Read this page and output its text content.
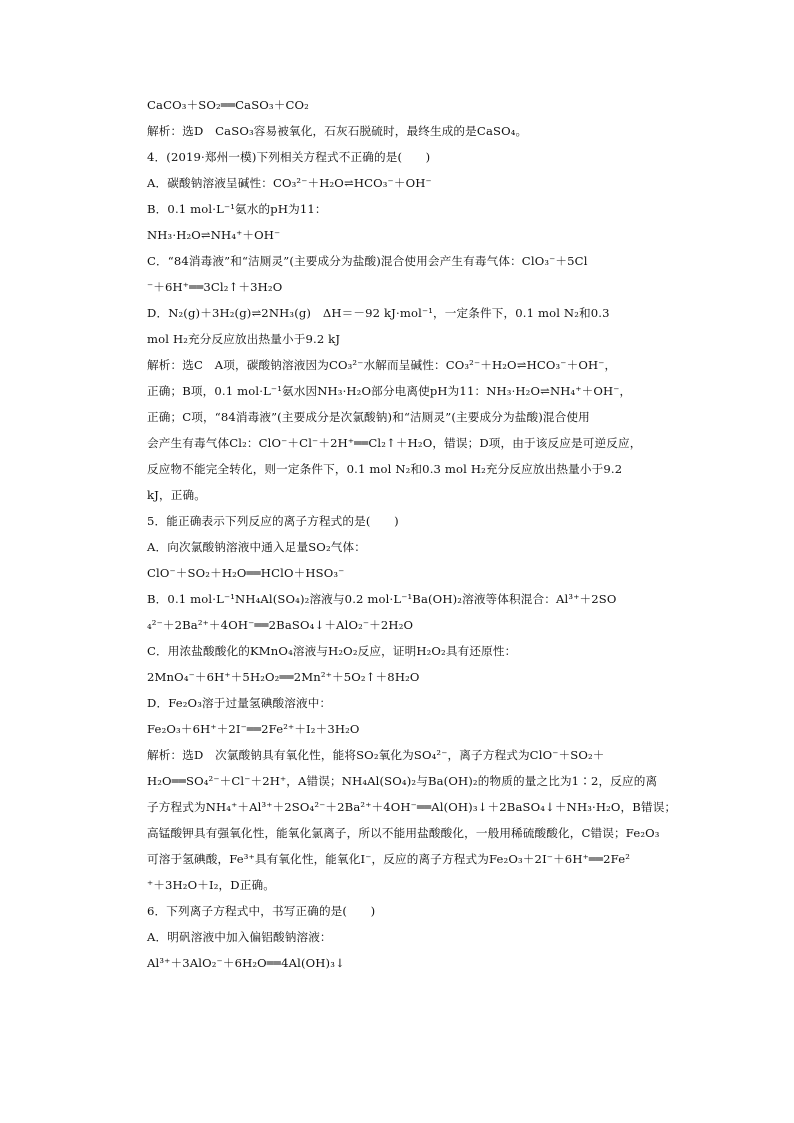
CaCO₃＋SO₂══CaSO₃＋CO₂
解析：选D　CaSO₃容易被氧化，石灰石脱硫时，最终生成的是CaSO₄。
4．(2019·郑州一模)下列相关方程式不正确的是(　　)
A．碳酸钠溶液呈碱性：CO₃²⁻＋H₂O⇌HCO₃⁻＋OH⁻
B．0.1 mol·L⁻¹氨水的pH为11：
NH₃·H₂O⇌NH₄⁺＋OH⁻
C．“84消毒液”和“洁厕灵”(主要成分为盐酸)混合使用会产生有毒气体：ClO₃⁻＋5Cl
⁻＋6H⁺══3Cl₂↑＋3H₂O
D．N₂(g)＋3H₂(g)⇌2NH₃(g)　ΔH＝－92 kJ·mol⁻¹，一定条件下，0.1 mol N₂和0.3
mol H₂充分反应放出热量小于9.2 kJ
解析：选C　A项，碳酸钠溶液因为CO₃²⁻水解而呈碱性：CO₃²⁻＋H₂O⇌HCO₃⁻＋OH⁻，
正确；B项，0.1 mol·L⁻¹氨水因NH₃·H₂O部分电离使pH为11：NH₃·H₂O⇌NH₄⁺＋OH⁻，
正确；C项，“84消毒液”(主要成分是次氯酸钠)和“洁厕灵”(主要成分为盐酸)混合使用
会产生有毒气体Cl₂：ClO⁻＋Cl⁻＋2H⁺══Cl₂↑＋H₂O，错误；D项，由于该反应是可逆反应，
反应物不能完全转化，则一定条件下，0.1 mol N₂和0.3 mol H₂充分反应放出热量小于9.2
kJ，正确。
5．能正确表示下列反应的离子方程式的是(　　)
A．向次氯酸钠溶液中通入足量SO₂气体：
ClO⁻＋SO₂＋H₂O══HClO＋HSO₃⁻
B．0.1 mol·L⁻¹NH₄Al(SO₄)₂溶液与0.2 mol·L⁻¹Ba(OH)₂溶液等体积混合：Al³⁺＋2SO
₄²⁻＋2Ba²⁺＋4OH⁻══2BaSO₄↓＋AlO₂⁻＋2H₂O
C．用浓盐酸酸化的KMnO₄溶液与H₂O₂反应，证明H₂O₂具有还原性：
2MnO₄⁻＋6H⁺＋5H₂O₂══2Mn²⁺＋5O₂↑＋8H₂O
D．Fe₂O₃溶于过量氢碘酸溶液中：
Fe₂O₃＋6H⁺＋2I⁻══2Fe²⁺＋I₂＋3H₂O
解析：选D　次氯酸钠具有氧化性，能将SO₂氧化为SO₄²⁻，离子方程式为ClO⁻＋SO₂＋
H₂O══SO₄²⁻＋Cl⁻＋2H⁺，A错误；NH₄Al(SO₄)₂与Ba(OH)₂的物质的量之比为1∶2，反应的离
子方程式为NH₄⁺＋Al³⁺＋2SO₄²⁻＋2Ba²⁺＋4OH⁻══Al(OH)₃↓＋2BaSO₄↓＋NH₃·H₂O，B错误；
高锰酸钾具有强氧化性，能氧化氯离子，所以不能用盐酸酸化，一般用稀硫酸酸化，C错误；Fe₂O₃
可溶于氢碘酸，Fe³⁺具有氧化性，能氧化I⁻，反应的离子方程式为Fe₂O₃＋2I⁻＋6H⁺══2Fe²
⁺＋3H₂O＋I₂，D正确。
6．下列离子方程式中，书写正确的是(　　)
A．明矾溶液中加入偏铝酸钠溶液：
Al³⁺＋3AlO₂⁻＋6H₂O══4Al(OH)₃↓
